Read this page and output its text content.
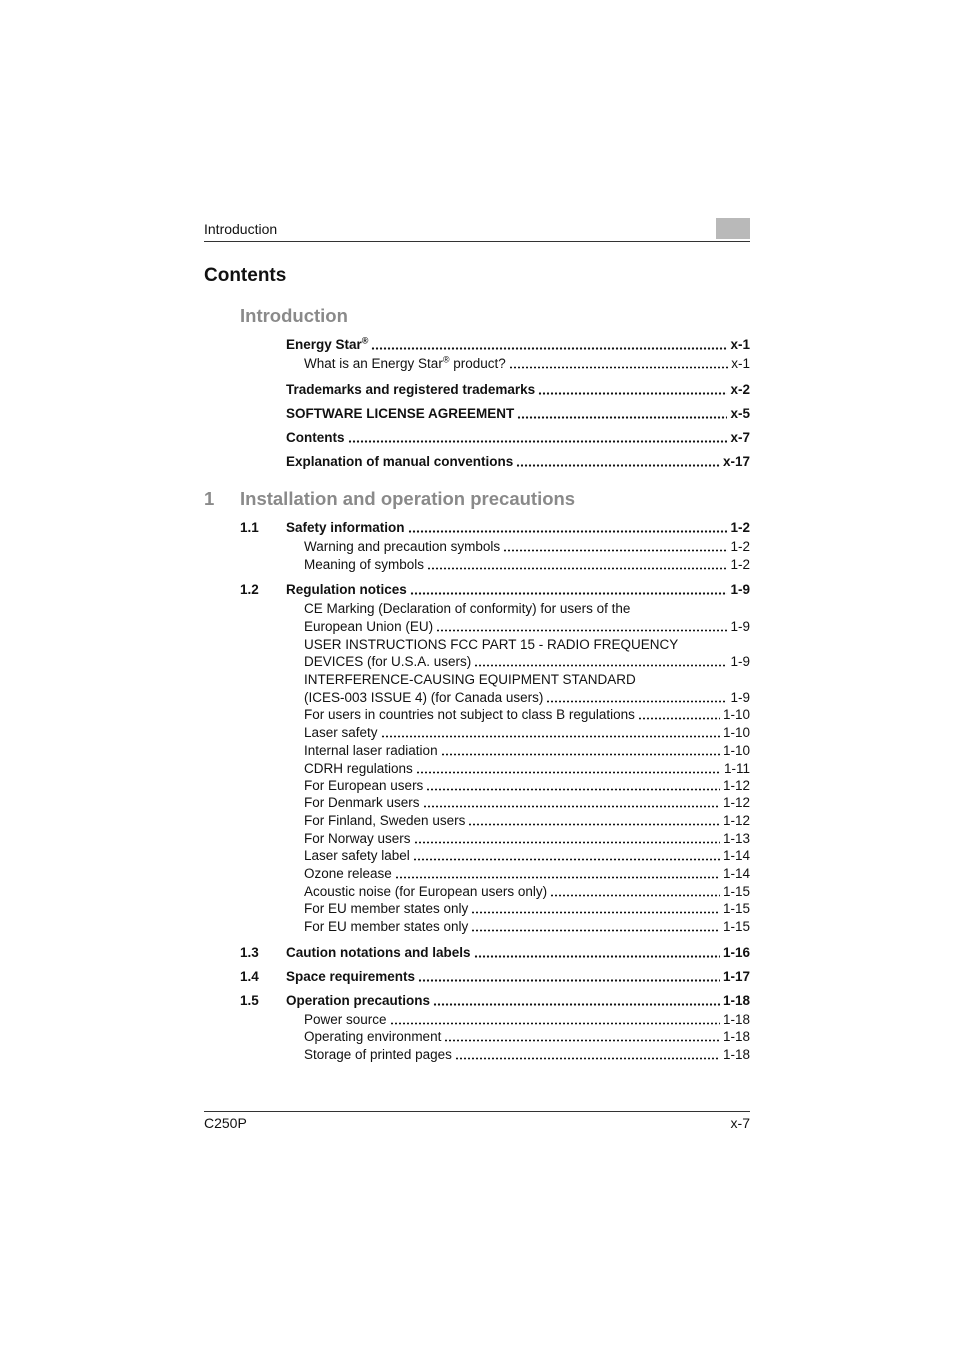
Introduction
Contents
Introduction
Energy Star®	x-1
What is an Energy Star® product?	x-1
Trademarks and registered trademarks	x-2
SOFTWARE LICENSE AGREEMENT	x-5
Contents	x-7
Explanation of manual conventions	x-17
1 Installation and operation precautions
1.1 Safety information	1-2
Warning and precaution symbols	1-2
Meaning of symbols	1-2
1.2 Regulation notices	1-9
CE Marking (Declaration of conformity) for users of the
European Union (EU)	1-9
USER INSTRUCTIONS FCC PART 15 - RADIO FREQUENCY
DEVICES (for U.S.A. users)	1-9
INTERFERENCE-CAUSING EQUIPMENT STANDARD
(ICES-003 ISSUE 4) (for Canada users)	1-9
For users in countries not subject to class B regulations	1-10
Laser safety	1-10
Internal laser radiation	1-10
CDRH regulations	1-11
For European users	1-12
For Denmark users	1-12
For Finland, Sweden users	1-12
For Norway users	1-13
Laser safety label	1-14
Ozone release	1-14
Acoustic noise (for European users only)	1-15
For EU member states only	1-15
For EU member states only	1-15
1.3 Caution notations and labels	1-16
1.4 Space requirements	1-17
1.5 Operation precautions	1-18
Power source	1-18
Operating environment	1-18
Storage of printed pages	1-18
C250P	x-7
